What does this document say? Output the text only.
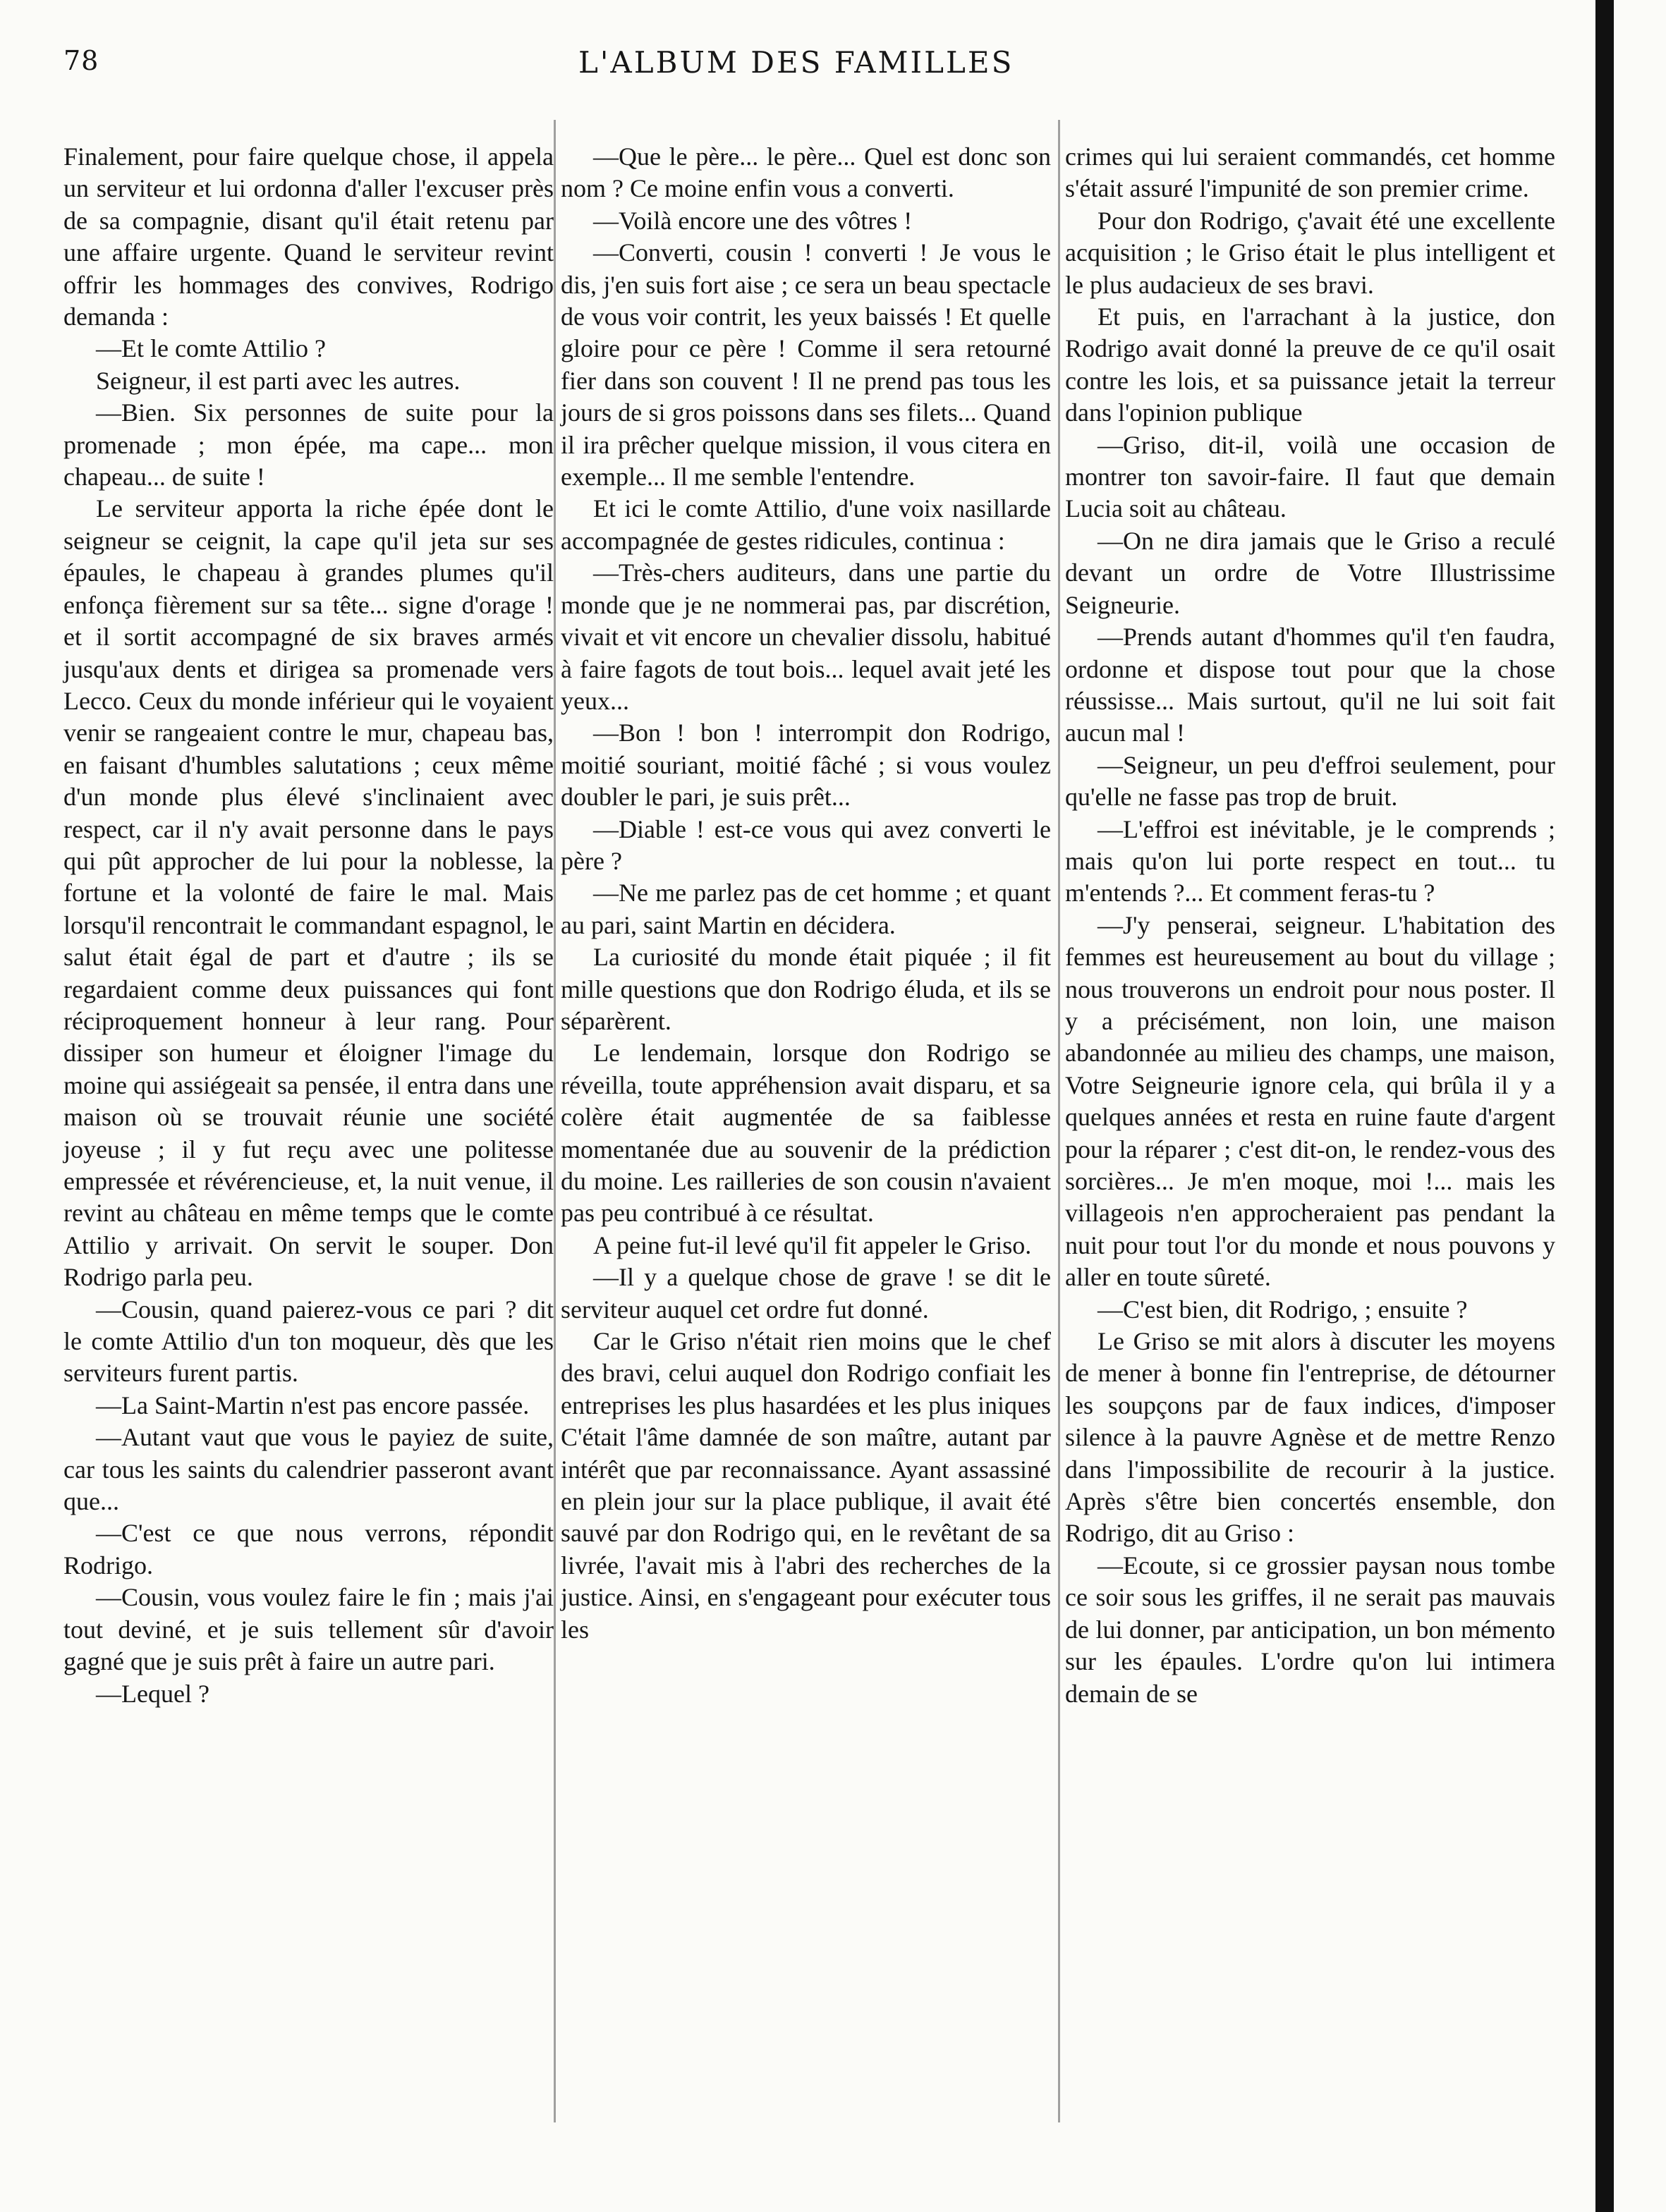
78	L'ALBUM DES FAMILLES

Finalement, pour faire quelque chose, il appela un serviteur et lui ordonna d'aller l'excuser près de sa compagnie, disant qu'il était retenu par une affaire urgente. Quand le serviteur revint offrir les hommages des convives, Rodrigo demanda :

—Et le comte Attilio ?

Seigneur, il est parti avec les autres.

—Bien. Six personnes de suite pour la promenade ; mon épée, ma cape... mon chapeau... de suite !

Le serviteur apporta la riche épée dont le seigneur se ceignit, la cape qu'il jeta sur ses épaules, le chapeau à grandes plumes qu'il enfonça fièrement sur sa tête... signe d'orage ! et il sortit accompagné de six braves armés jusqu'aux dents et dirigea sa promenade vers Lecco. Ceux du monde inférieur qui le voyaient venir se rangeaient contre le mur, chapeau bas, en faisant d'humbles salutations ; ceux même d'un monde plus élevé s'inclinaient avec respect, car il n'y avait personne dans le pays qui pût approcher de lui pour la noblesse, la fortune et la volonté de faire le mal. Mais lorsqu'il rencontrait le commandant espagnol, le salut était égal de part et d'autre ; ils se regardaient comme deux puissances qui font réciproquement honneur à leur rang. Pour dissiper son humeur et éloigner l'image du moine qui assiégeait sa pensée, il entra dans une maison où se trouvait réunie une société joyeuse ; il y fut reçu avec une politesse empressée et révérencieuse, et, la nuit venue, il revint au château en même temps que le comte Attilio y arrivait. On servit le souper. Don Rodrigo parla peu.

—Cousin, quand paierez-vous ce pari ? dit le comte Attilio d'un ton moqueur, dès que les serviteurs furent partis.

—La Saint-Martin n'est pas encore passée.

—Autant vaut que vous le payiez de suite, car tous les saints du calendrier passeront avant que...

—C'est ce que nous verrons, répondit Rodrigo.

—Cousin, vous voulez faire le fin ; mais j'ai tout deviné, et je suis tellement sûr d'avoir gagné que je suis prêt à faire un autre pari.

—Lequel ?

—Que le père... le père... Quel est donc son nom ? Ce moine enfin vous a converti.

—Voilà encore une des vôtres !

—Converti, cousin ! converti ! Je vous le dis, j'en suis fort aise ; ce sera un beau spectacle de vous voir contrit, les yeux baissés ! Et quelle gloire pour ce père ! Comme il sera retourné fier dans son couvent ! Il ne prend pas tous les jours de si gros poissons dans ses filets... Quand il ira prêcher quelque mission, il vous citera en exemple... Il me semble l'entendre.

Et ici le comte Attilio, d'une voix nasillarde accompagnée de gestes ridicules, continua :

—Très-chers auditeurs, dans une partie du monde que je ne nommerai pas, par discrétion, vivait et vit encore un chevalier dissolu, habitué à faire fagots de tout bois... lequel avait jeté les yeux...

—Bon ! bon ! interrompit don Rodrigo, moitié souriant, moitié fâché ; si vous voulez doubler le pari, je suis prêt...

—Diable ! est-ce vous qui avez converti le père ?

—Ne me parlez pas de cet homme ; et quant au pari, saint Martin en décidera.

La curiosité du monde était piquée ; il fit mille questions que don Rodrigo éluda, et ils se séparèrent.

Le lendemain, lorsque don Rodrigo se réveilla, toute appréhension avait disparu, et sa colère était augmentée de sa faiblesse momentanée due au souvenir de la prédiction du moine. Les railleries de son cousin n'avaient pas peu contribué à ce résultat.

A peine fut-il levé qu'il fit appeler le Griso.

—Il y a quelque chose de grave ! se dit le serviteur auquel cet ordre fut donné.

Car le Griso n'était rien moins que le chef des bravi, celui auquel don Rodrigo confiait les entreprises les plus hasardées et les plus iniques C'était l'âme damnée de son maître, autant par intérêt que par reconnaissance. Ayant assassiné en plein jour sur la place publique, il avait été sauvé par don Rodrigo qui, en le revêtant de sa livrée, l'avait mis à l'abri des recherches de la justice. Ainsi, en s'engageant pour exécuter tous les

crimes qui lui seraient commandés, cet homme s'était assuré l'impunité de son premier crime.

Pour don Rodrigo, ç'avait été une excellente acquisition ; le Griso était le plus intelligent et le plus audacieux de ses bravi.

Et puis, en l'arrachant à la justice, don Rodrigo avait donné la preuve de ce qu'il osait contre les lois, et sa puissance jetait la terreur dans l'opinion publique

—Griso, dit-il, voilà une occasion de montrer ton savoir-faire. Il faut que demain Lucia soit au château.

—On ne dira jamais que le Griso a reculé devant un ordre de Votre Illustrissime Seigneurie.

—Prends autant d'hommes qu'il t'en faudra, ordonne et dispose tout pour que la chose réussisse... Mais surtout, qu'il ne lui soit fait aucun mal !

—Seigneur, un peu d'effroi seulement, pour qu'elle ne fasse pas trop de bruit.

—L'effroi est inévitable, je le comprends ; mais qu'on lui porte respect en tout... tu m'entends ?... Et comment feras-tu ?

—J'y penserai, seigneur. L'habitation des femmes est heureusement au bout du village ; nous trouverons un endroit pour nous poster. Il y a précisément, non loin, une maison abandonnée au milieu des champs, une maison, Votre Seigneurie ignore cela, qui brûla il y a quelques années et resta en ruine faute d'argent pour la réparer ; c'est dit-on, le rendez-vous des sorcières... Je m'en moque, moi !... mais les villageois n'en approcheraient pas pendant la nuit pour tout l'or du monde et nous pouvons y aller en toute sûreté.

—C'est bien, dit Rodrigo, ; ensuite ?

Le Griso se mit alors à discuter les moyens de mener à bonne fin l'entreprise, de détourner les soupçons par de faux indices, d'imposer silence à la pauvre Agnèse et de mettre Renzo dans l'impossibilite de recourir à la justice. Après s'être bien concertés ensemble, don Rodrigo, dit au Griso :

—Ecoute, si ce grossier paysan nous tombe ce soir sous les griffes, il ne serait pas mauvais de lui donner, par anticipation, un bon mémento sur les épaules. L'ordre qu'on lui intimera demain de se
